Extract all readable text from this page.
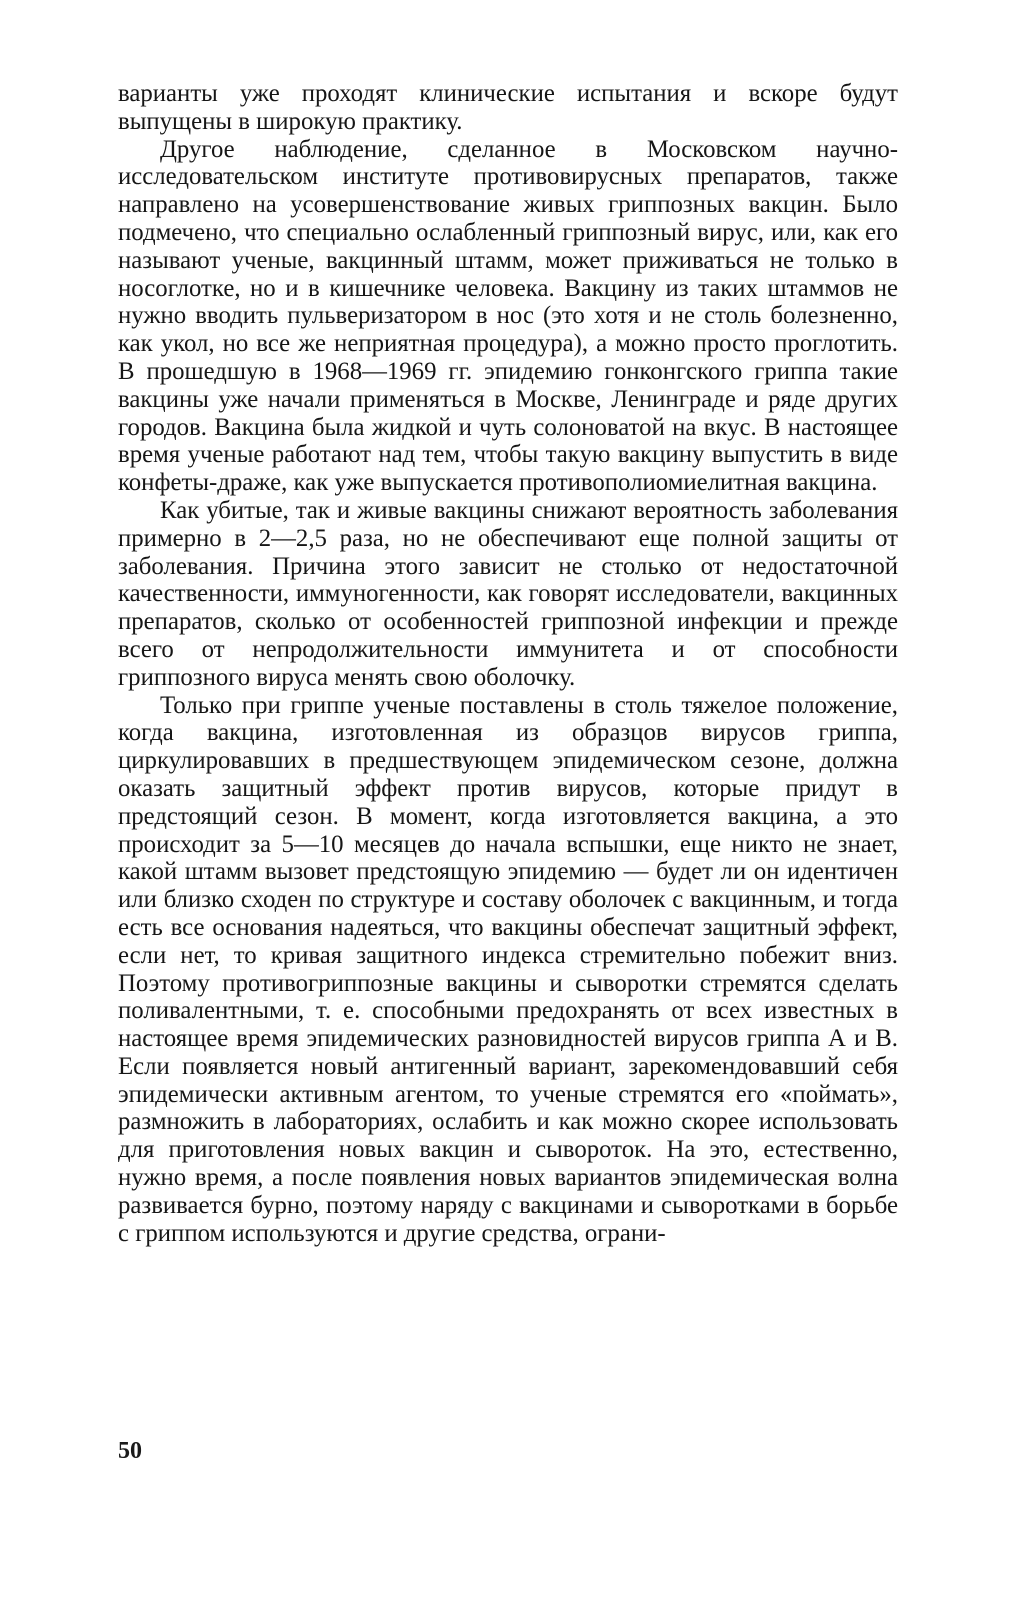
варианты уже проходят клинические испытания и вскоре будут выпущены в широкую практику.

Другое наблюдение, сделанное в Московском научно-исследовательском институте противовирусных препаратов, также направлено на усовершенствование живых гриппозных вакцин. Было подмечено, что специально ослабленный гриппозный вирус, или, как его называют ученые, вакцинный штамм, может приживаться не только в носоглотке, но и в кишечнике человека. Вакцину из таких штаммов не нужно вводить пульверизатором в нос (это хотя и не столь болезненно, как укол, но все же неприятная процедура), а можно просто проглотить. В прошедшую в 1968—1969 гг. эпидемию гонконгского гриппа такие вакцины уже начали применяться в Москве, Ленинграде и ряде других городов. Вакцина была жидкой и чуть солоноватой на вкус. В настоящее время ученые работают над тем, чтобы такую вакцину выпустить в виде конфеты-драже, как уже выпускается противополиомиелитная вакцина.

Как убитые, так и живые вакцины снижают вероятность заболевания примерно в 2—2,5 раза, но не обеспечивают еще полной защиты от заболевания. Причина этого зависит не столько от недостаточной качественности, иммуногенности, как говорят исследователи, вакцинных препаратов, сколько от особенностей гриппозной инфекции и прежде всего от непродолжительности иммунитета и от способности гриппозного вируса менять свою оболочку.

Только при гриппе ученые поставлены в столь тяжелое положение, когда вакцина, изготовленная из образцов вирусов гриппа, циркулировавших в предшествующем эпидемическом сезоне, должна оказать защитный эффект против вирусов, которые придут в предстоящий сезон. В момент, когда изготовляется вакцина, а это происходит за 5—10 месяцев до начала вспышки, еще никто не знает, какой штамм вызовет предстоящую эпидемию — будет ли он идентичен или близко сходен по структуре и составу оболочек с вакцинным, и тогда есть все основания надеяться, что вакцины обеспечат защитный эффект, если нет, то кривая защитного индекса стремительно побежит вниз. Поэтому противогриппозные вакцины и сыворотки стремятся сделать поливалентными, т. е. способными предохранять от всех известных в настоящее время эпидемических разновидностей вирусов гриппа А и В. Если появляется новый антигенный вариант, зарекомендовавший себя эпидемически активным агентом, то ученые стремятся его «поймать», размножить в лабораториях, ослабить и как можно скорее использовать для приготовления новых вакцин и сывороток. На это, естественно, нужно время, а после появления новых вариантов эпидемическая волна развивается бурно, поэтому наряду с вакцинами и сыворотками в борьбе с гриппом используются и другие средства, ограни-

50
